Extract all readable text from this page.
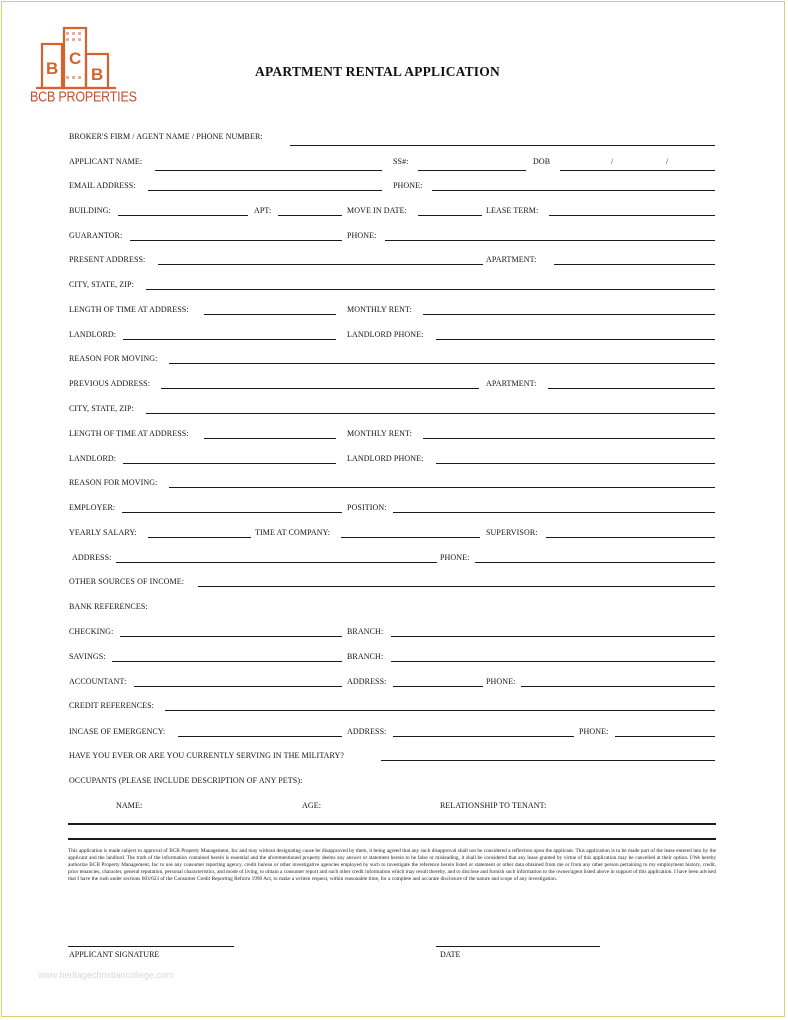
B
C
B
BCB PROPERTIES
APARTMENT RENTAL APPLICATION
BROKER'S FIRM / AGENT NAME / PHONE NUMBER:
APPLICANT NAME:	SS#:	DOB	/	/
EMAIL ADDRESS:	PHONE:
BUILDING:	APT:	MOVE IN DATE:	LEASE TERM:
GUARANTOR:	PHONE:
PRESENT ADDRESS:	APARTMENT:
CITY, STATE, ZIP:
LENGTH OF TIME AT ADDRESS:	MONTHLY RENT:
LANDLORD:	LANDLORD PHONE:
REASON FOR MOVING:
PREVIOUS ADDRESS:	APARTMENT:
CITY, STATE, ZIP:
LENGTH OF TIME AT ADDRESS:	MONTHLY RENT:
LANDLORD:	LANDLORD PHONE:
REASON FOR MOVING:
EMPLOYER:	POSITION:
YEARLY SALARY:	TIME AT COMPANY:	SUPERVISOR:
ADDRESS:	PHONE:
OTHER SOURCES OF INCOME:
BANK REFERENCES:
CHECKING:	BRANCH:
SAVINGS:	BRANCH:
ACCOUNTANT:	ADDRESS:	PHONE:
CREDIT REFERENCES:
INCASE OF EMERGENCY:	ADDRESS:	PHONE:
HAVE YOU EVER OR ARE YOU CURRENTLY SERVING IN THE MILITARY?
OCCUPANTS (PLEASE INCLUDE DESCRIPTION OF ANY PETS):
NAME:	AGE:	RELATIONSHIP TO TENANT:
This application is made subject to approval of BCB Property Management, Inc and may without designating cause be disapproved by them, it being agreed that any such disapproval shall not be considered a reflection upon the applicant. This application is to be made part of the lease entered into by the applicant and the landlord. The truth of the information contained herein is essential and the aforementioned property deems any answer or statement herein to be false or misleading, it shall be considered that any lease granted by virtue of this application may be cancelled at their option. I/We hereby authorize BCB Property Management, Inc to use any consumer reporting agency, credit bureau or other investigative agencies employed by such to investigate the reference herein listed or statement or other data obtained from me or from any other person pertaining to my employment history, credit, prior tenancies, character, general reputation, personal characteristics, and mode of living, to obtain a consumer report and such other credit information which may result thereby, and to disclose and furnish such information to the owner/agent listed above in support of this application. I have been advised that I have the rush under sections 603/623 of the Consumer Credit Reporting Reform 1996 Act, to make a written request, within reasonable time, for a complete and accurate disclosure of the nature and scope of any investigation.
APPLICANT SIGNATURE	DATE
www.heritagechristiancollege.com
